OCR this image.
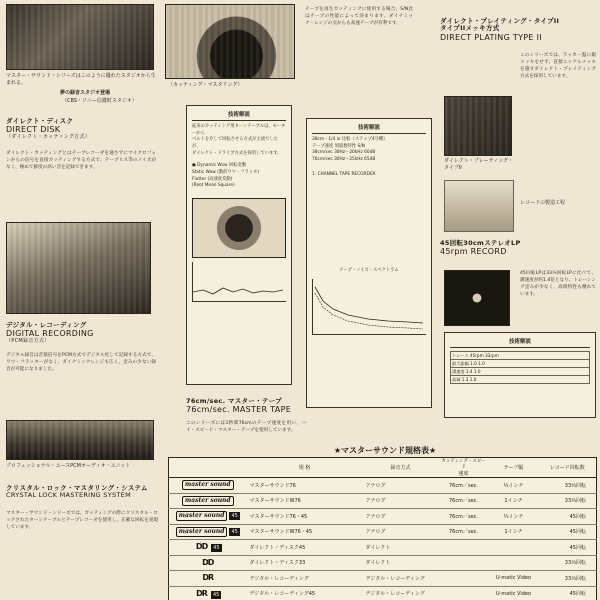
マスター・サウンド・シリーズはこのように優れたスタジオから生まれる。
夢の録音スタジオ登場
（CBS・ソニー信濃町スタジオ）
（カッティング・マスタリング）
ダイレクト・ディスク
DIRECT DISK
（ダイレクト・カッティング方式）
ダイレクト・カッティングとはテープレコーダを通さずにマイクロフォンからの信号を直接カッティングする方式で、テープヒス等のノイズがなく、極めて鮮度の高い音を記録できます。
デジタル・レコーディング
DIGITAL RECORDING
（PCM録音方式）
デジタル録音は音楽信号をPCM方式でデジタル化して記録する方式で、ワウ・フラッターがなく、ダイナミックレンジも広く、歪みの少ない録音が可能になりました。
プロフェッショナル・ユースPCMオーディオ・ユニット
クリスタル・ロック・マスタリング・システム
CRYSTAL LOCK MASTERING SYSTEM
マスター・サウンド・シリーズでは、カッティングの際にクリスタル・ロックされたターンテーブルとテープレコーダを使用し、正確な回転を実現しています。
技術解説
従来のカッティング用ターンテーブルは、モーターから
ベルトを介して回転させる方式が主流でしたが、
ダイレクト・ドライブ方式を採用しています。
● Dynamic Wow 回転変動
Static Wow (動的ワウ・フラッタ)
Flutter (高速度変動)
(Root Mean Square)
76cm/sec. マスター・テープ
76cm/sec. MASTER TAPE
このシリーズには1秒間76cmのテープ速度を用い、ハイ・スピード・マスター・テープを使用しています。
テープを再生カッティングに使用する場合、S/N比はテープの性能によって決まります。ダイナミック・レンジの点からも高速テープが有利です。
技術解説
38cm・1/4 in 比較（ステップ4号機）
テープ速度 周波数特性 S/N
38cm/sec 30Hz〜20kHz 60dB
76cm/sec 30Hz〜25kHz 65dB
1. CHANNEL TAPE RECORDER
テープ・ノイズ・スペクトラム
ダイレクト・プレイティング・タイプII
タイプIIメッキ方式
DIRECT PLATING TYPE II
このシリーズでは、ラッカー盤に銀メッキをせず、直接ニッケルメッキを施すダイレクト・プレイティング方式を採用しています。
ダイレクト・プレーティング・タイプII
レコードの製造工程
45回転30cmステレオLP
45rpm RECORD
45回転LPは33⅓回転LPに比べて、溝速度が約1.4倍となり、トレーシング歪みが少なく、高域特性も優れています。
技術解説
トレース 45rpm 33rpm
最大振幅 1.0 1.0
溝速度 1.4 1.0
高域 1.3 1.0
★マスターサウンド規格表★
	規 格	録音方式	カッティング・スピード
速度	テープ幅	レコード回転数
master sound	マスターサウンド76	アナログ	76cm／sec.	½インチ	33⅓回転
master sound	マスターサウンドW76	アナログ	76cm／sec.	1インチ	33⅓回転
master sound 45	マスターサウンド76・45	アナログ	76cm／sec.	½インチ	45回転
master sound 45	マスターサウンドW76・45	アナログ	76cm／sec.	1インチ	45回転
DD 45	ダイレクト・ディスク45	ダイレクト			45回転
DD	ダイレクト・ディスク33	ダイレクト			33⅓回転
DR	デジタル・レコーディング	デジタル・レコーディング		U-matic Video	33⅓回転
DR 45	デジタル・レコーディング45	デジタル・レコーディング		U-matic Video	45回転
